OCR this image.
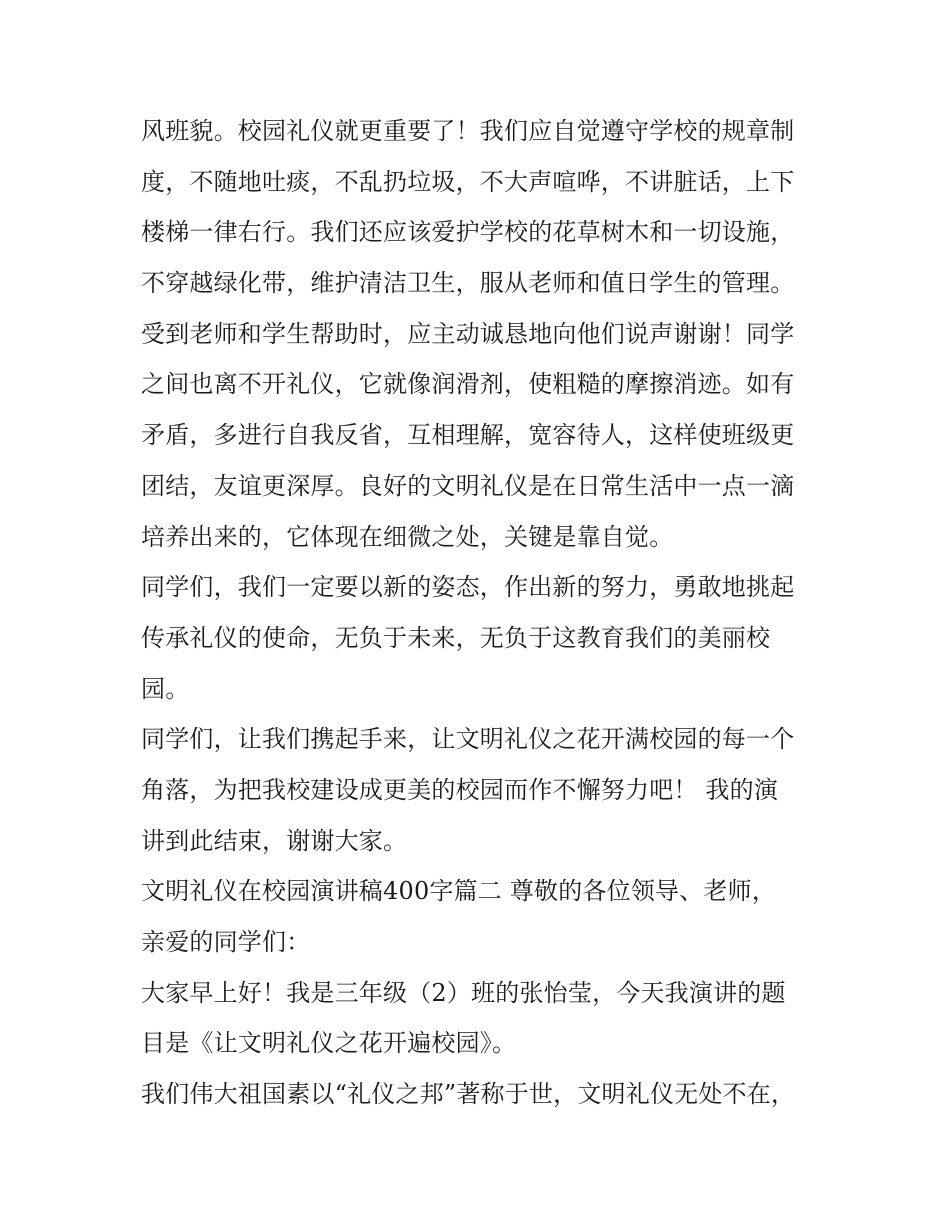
风班貌。校园礼仪就更重要了！我们应自觉遵守学校的规章制
度，不随地吐痰，不乱扔垃圾，不大声喧哗，不讲脏话，上下
楼梯一律右行。我们还应该爱护学校的花草树木和一切设施，
不穿越绿化带，维护清洁卫生，服从老师和值日学生的管理。
受到老师和学生帮助时，应主动诚恳地向他们说声谢谢！同学
之间也离不开礼仪，它就像润滑剂，使粗糙的摩擦消迹。如有
矛盾，多进行自我反省，互相理解，宽容待人，这样使班级更
团结，友谊更深厚。良好的文明礼仪是在日常生活中一点一滴
培养出来的，它体现在细微之处，关键是靠自觉。
同学们，我们一定要以新的姿态，作出新的努力，勇敢地挑起
传承礼仪的使命，无负于未来，无负于这教育我们的美丽校
园。
同学们，让我们携起手来，让文明礼仪之花开满校园的每一个
角落，为把我校建设成更美的校园而作不懈努力吧！ 我的演
讲到此结束，谢谢大家。
文明礼仪在校园演讲稿400字篇二 尊敬的各位领导、老师，
亲爱的同学们：
大家早上好！我是三年级（2）班的张怡莹，今天我演讲的题
目是《让文明礼仪之花开遍校园》。
我们伟大祖国素以“礼仪之邦”著称于世，文明礼仪无处不在，
